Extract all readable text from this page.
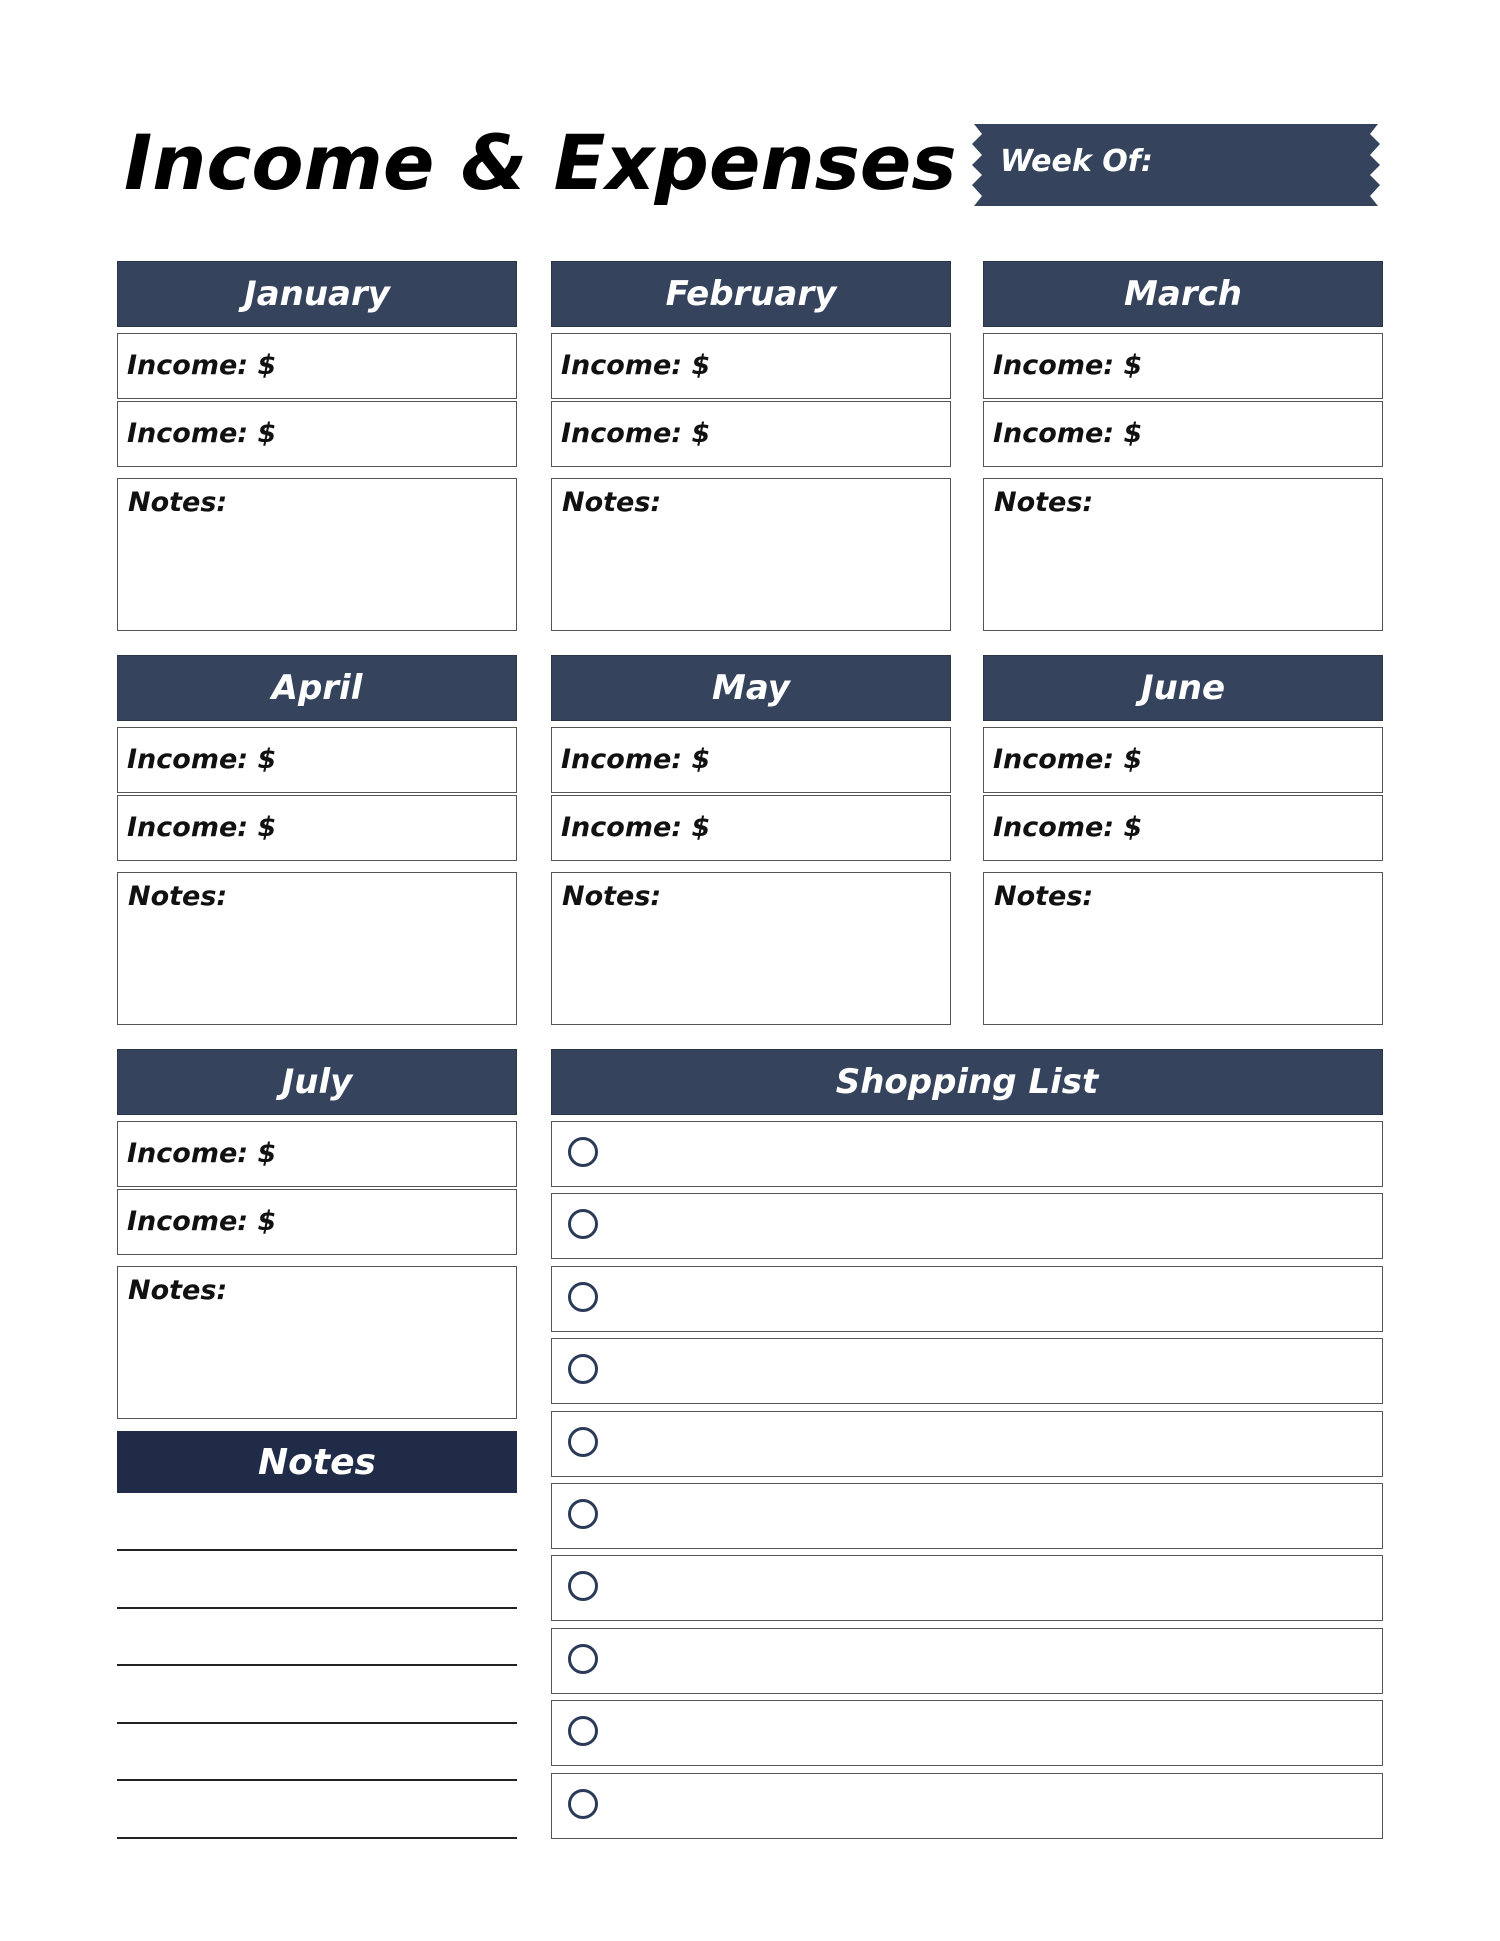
Income & Expenses Week Of:
January
Income: $
Income: $
Notes:
February
Income: $
Income: $
Notes:
March
Income: $
Income: $
Notes:
April
Income: $
Income: $
Notes:
May
Income: $
Income: $
Notes:
June
Income: $
Income: $
Notes:
July
Income: $
Income: $
Notes:
Shopping List
Notes
